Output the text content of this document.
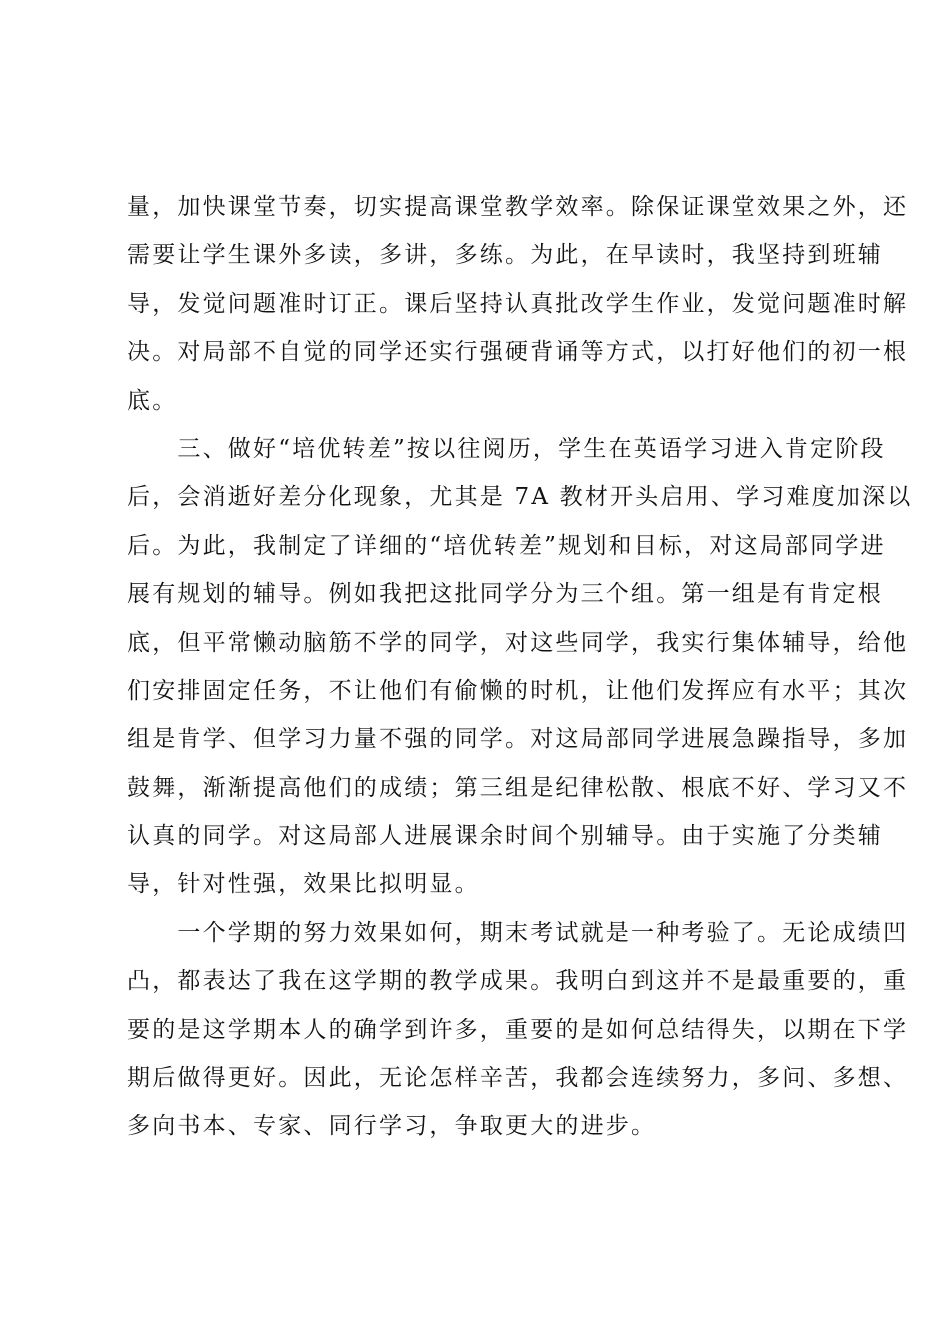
量，加快课堂节奏，切实提高课堂教学效率。除保证课堂效果之外，还
需要让学生课外多读，多讲，多练。为此，在早读时，我坚持到班辅
导，发觉问题准时订正。课后坚持认真批改学生作业，发觉问题准时解
决。对局部不自觉的同学还实行强硬背诵等方式，以打好他们的初一根
底。

　　三、做好“培优转差”按以往阅历，学生在英语学习进入肯定阶段
后，会消逝好差分化现象，尤其是 7A 教材开头启用、学习难度加深以
后。为此，我制定了详细的“培优转差”规划和目标，对这局部同学进
展有规划的辅导。例如我把这批同学分为三个组。第一组是有肯定根
底，但平常懒动脑筋不学的同学，对这些同学，我实行集体辅导，给他
们安排固定任务，不让他们有偷懒的时机，让他们发挥应有水平；其次
组是肯学、但学习力量不强的同学。对这局部同学进展急躁指导，多加
鼓舞，渐渐提高他们的成绩；第三组是纪律松散、根底不好、学习又不
认真的同学。对这局部人进展课余时间个别辅导。由于实施了分类辅
导，针对性强，效果比拟明显。

　　一个学期的努力效果如何，期末考试就是一种考验了。无论成绩凹
凸，都表达了我在这学期的教学成果。我明白到这并不是最重要的，重
要的是这学期本人的确学到许多，重要的是如何总结得失，以期在下学
期后做得更好。因此，无论怎样辛苦，我都会连续努力，多问、多想、
多向书本、专家、同行学习，争取更大的进步。
